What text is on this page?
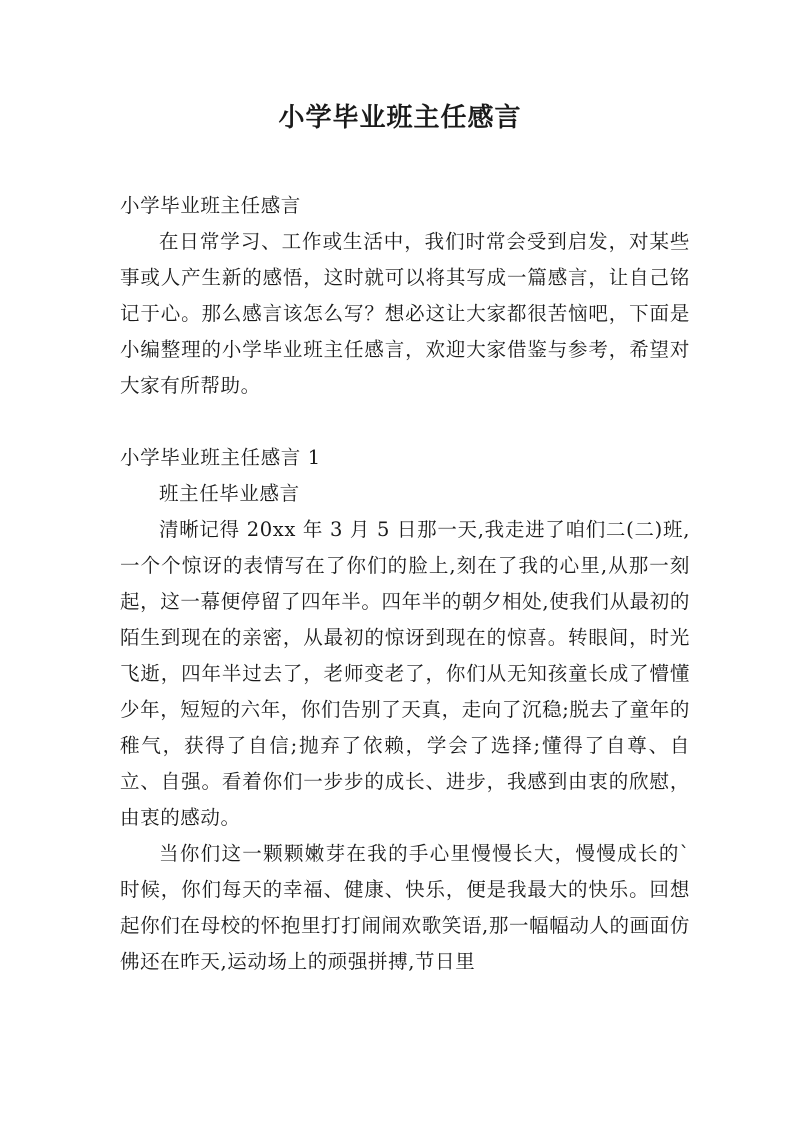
小学毕业班主任感言

小学毕业班主任感言

在日常学习、工作或生活中，我们时常会受到启发，对某些事或人产生新的感悟，这时就可以将其写成一篇感言，让自己铭记于心。那么感言该怎么写？想必这让大家都很苦恼吧，下面是小编整理的小学毕业班主任感言，欢迎大家借鉴与参考，希望对大家有所帮助。

小学毕业班主任感言 1

班主任毕业感言

清晰记得 20xx 年 3 月 5 日那一天,我走进了咱们二(二)班,一个个惊讶的表情写在了你们的脸上,刻在了我的心里,从那一刻起，这一幕便停留了四年半。四年半的朝夕相处,使我们从最初的陌生到现在的亲密，从最初的惊讶到现在的惊喜。转眼间，时光飞逝，四年半过去了，老师变老了，你们从无知孩童长成了懵懂少年，短短的六年，你们告别了天真，走向了沉稳;脱去了童年的稚气，获得了自信;抛弃了依赖，学会了选择;懂得了自尊、自立、自强。看着你们一步步的成长、进步，我感到由衷的欣慰，由衷的感动。

当你们这一颗颗嫩芽在我的手心里慢慢长大，慢慢成长的`时候，你们每天的幸福、健康、快乐，便是我最大的快乐。回想起你们在母校的怀抱里打打闹闹欢歌笑语,那一幅幅动人的画面仿佛还在昨天,运动场上的顽强拼搏,节日里
